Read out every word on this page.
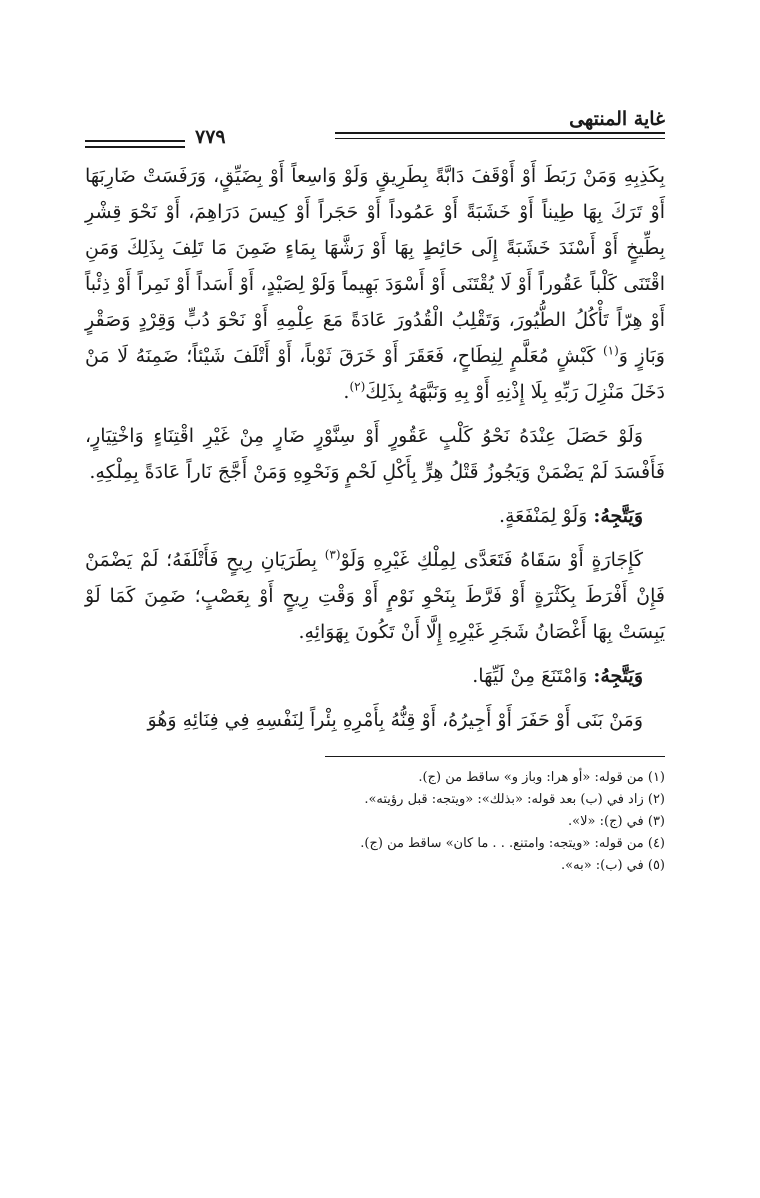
غاية المنتهى
٧٧٩

بِكَذِبِهِ وَمَنْ رَبَطَ أَوْ أَوْقَفَ دَابَّةً بِطَرِيقٍ وَلَوْ وَاسِعاً أَوْ بِضَيِّقٍ، وَرَفَسَتْ ضَارِبَهَا أَوْ تَرَكَ بِهَا طِيناً أَوْ خَشَبَةً أَوْ عَمُوداً أَوْ حَجَراً أَوْ كِيسَ دَرَاهِمَ، أَوْ نَحْوَ قِشْرِ بِطِّيخٍ أَوْ أَسْنَدَ خَشَبَةً إِلَى حَائِطٍ بِهَا أَوْ رَشَّهَا بِمَاءٍ ضَمِنَ مَا تَلِفَ بِذَلِكَ وَمَنِ اقْتَنَى كَلْباً عَقُوراً أَوْ لَا يُقْتَنَى أَوْ أَسْوَدَ بَهِيماً وَلَوْ لِصَيْدٍ، أَوْ أَسَداً أَوْ نَمِراً أَوْ ذِئْباً أَوْ هِرّاً تَأْكُلُ الطُّيُورَ، وَتَقْلِبُ الْقُدُورَ عَادَةً مَعَ عِلْمِهِ أَوْ نَحْوَ دُبٍّ وَقِرْدٍ وَصَقْرٍ وَبَازٍ وَ$^{(١)}$ كَبْشٍ مُعَلَّمٍ لِنِطَاحٍ، فَعَقَرَ أَوْ خَرَقَ ثَوْباً، أَوْ أَتْلَفَ شَيْئاً؛ ضَمِنَهُ لَا مَنْ دَخَلَ مَنْزِلَ رَبِّهِ بِلَا إِذْنِهِ أَوْ بِهِ وَنَبَّهَهُ بِذَلِكَ$^{(٢)}$.

وَلَوْ حَصَلَ عِنْدَهُ نَحْوُ كَلْبٍ عَقُورٍ أَوْ سِنَّوْرٍ ضَارٍ مِنْ غَيْرِ اقْتِنَاءٍ وَاخْتِيَارٍ، فَأَفْسَدَ لَمْ يَضْمَنْ وَيَجُوزُ قَتْلُ هِرٍّ بِأَكْلِ لَحْمٍ وَنَحْوِهِ وَمَنْ أَجَّجَ نَاراً عَادَةً بِمِلْكِهِ.

وَيَتَّجِهُ: وَلَوْ لِمَنْفَعَةٍ.

كَإِجَارَةٍ أَوْ سَقَاهُ فَتَعَدَّى لِمِلْكِ غَيْرِهِ وَلَوْ$^{(٣)}$ بِطَرَيَانِ رِيحٍ فَأَتْلَفَهُ؛ لَمْ يَضْمَنْ فَإِنْ أَفْرَطَ بِكَثْرَةٍ أَوْ فَرَّطَ بِنَحْوِ نَوْمٍ أَوْ وَقْتِ رِيحٍ أَوْ بِعَصْبٍ؛ ضَمِنَ كَمَا لَوْ يَبِسَتْ بِهَا أَغْصَانُ شَجَرِ غَيْرِهِ إِلَّا أَنْ تَكُونَ بِهَوَائِهِ.

وَيَتَّجِهُ: وَامْتَنَعَ مِنْ لَيِّهَا.

وَمَنْ بَنَى أَوْ حَفَرَ أَوْ أَجِيرُهُ، أَوْ قِنُّهُ بِأَمْرِهِ بِئْراً لِنَفْسِهِ فِي فِنَائِهِ وَهُوَ

(١) من قوله: «أو هرا: وباز و» ساقط من (ج).

(٢) زاد في (ب) بعد قوله: «بذلك»: «ويتجه: قبل رؤيته».

(٣) في (ج): «لا».

(٤) من قوله: «ويتجه: وامتنع. . . ما كان» ساقط من (ج).

(٥) في (ب): «به».
